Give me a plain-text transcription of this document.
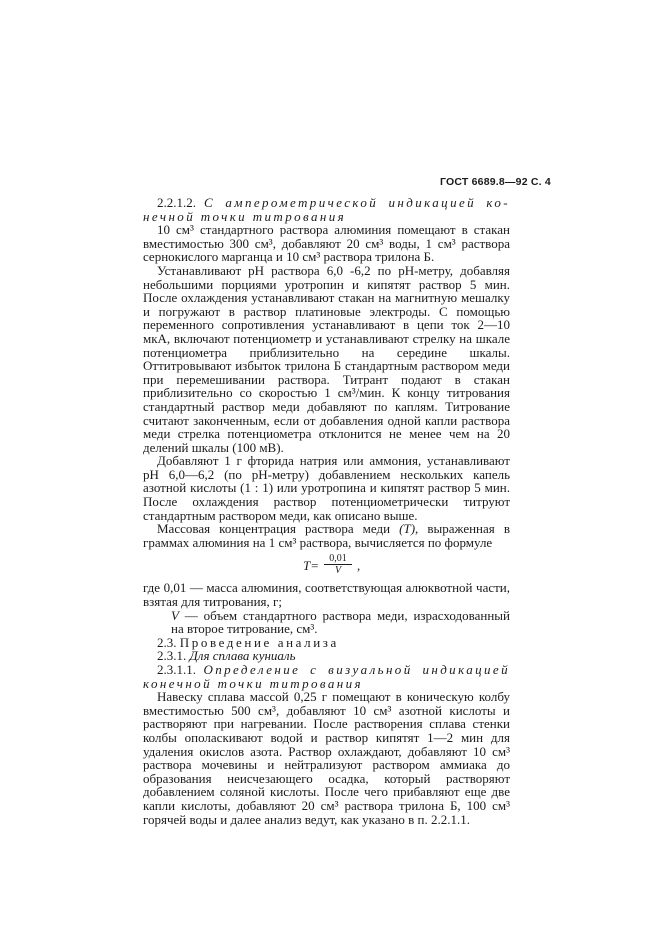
ГОСТ 6689.8—92 С. 4

2.2.1.2. С амперометрической индикацией ко-

нечной точки титрования

10 см³ стандартного раствора алюминия помещают в стакан вместимостью 300 см³, добавляют 20 см³ воды, 1 см³ раствора сернокислого марганца и 10 см³ раствора трилона Б.

Устанавливают pH раствора 6,0 -6,2 по pH-метру, добавляя небольшими порциями уротропин и кипятят раствор 5 мин. После охлаждения устанавливают стакан на магнитную мешалку и погружают в раствор платиновые электроды. С помощью переменного сопротивления устанавливают в цепи ток 2—10 мкА, включают потенциометр и устанавливают стрелку на шкале потенциометра приблизительно на середине шкалы. Оттитровывают избыток трилона Б стандартным раствором меди при перемешивании раствора. Титрант подают в стакан приблизительно со скоростью 1 см³/мин. К концу титрования стандартный раствор меди добавляют по каплям. Титрование считают законченным, если от добавления одной капли раствора меди стрелка потенциометра отклонится не менее чем на 20 делений шкалы (100 мВ).

Добавляют 1 г фторида натрия или аммония, устанавливают pH 6,0—6,2 (по pH-метру) добавлением нескольких капель азотной кислоты (1 : 1) или уротропина и кипятят раствор 5 мин. После охлаждения раствор потенциометрически титруют стандартным раствором меди, как описано выше.

Массовая концентрация раствора меди (T), выраженная в граммах алюминия на 1 см³ раствора, вычисляется по формуле

$T= \frac{0,01}{V}$ ,

где 0,01 — масса алюминия, соответствующая алюквотной части, взятая для титрования, г;

V — объем стандартного раствора меди, израсходованный на второе титрование, см³.

2.3. Проведение анализа

2.3.1. Для сплава куниаль

2.3.1.1. Определение с визуальной индикацией

конечной точки титрования

Навеску сплава массой 0,25 г помещают в коническую колбу вместимостью 500 см³, добавляют 10 см³ азотной кислоты и растворяют при нагревании. После растворения сплава стенки колбы ополаскивают водой и раствор кипятят 1—2 мин для удаления окислов азота. Раствор охлаждают, добавляют 10 см³ раствора мочевины и нейтрализуют раствором аммиака до образования неисчезающего осадка, который растворяют добавлением соляной кислоты. После чего прибавляют еще две капли кислоты, добавляют 20 см³ раствора трилона Б, 100 см³ горячей воды и далее анализ ведут, как указано в п. 2.2.1.1.
